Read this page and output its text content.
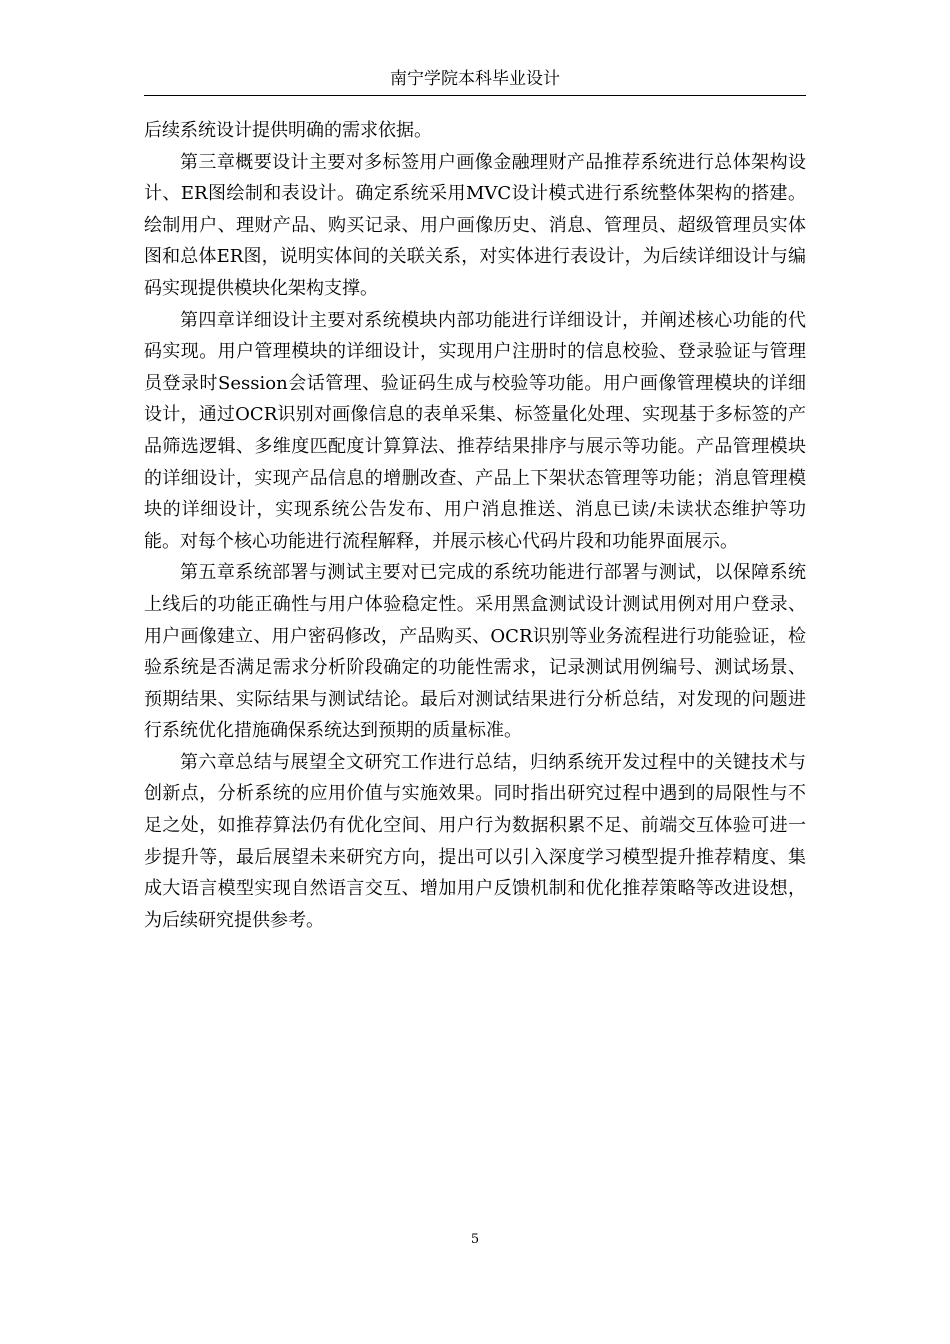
南宁学院本科毕业设计

后续系统设计提供明确的需求依据。

第三章概要设计主要对多标签用户画像金融理财产品推荐系统进行总体架构设计、ER图绘制和表设计。确定系统采用MVC设计模式进行系统整体架构的搭建。绘制用户、理财产品、购买记录、用户画像历史、消息、管理员、超级管理员实体图和总体ER图，说明实体间的关联关系，对实体进行表设计，为后续详细设计与编码实现提供模块化架构支撑。

第四章详细设计主要对系统模块内部功能进行详细设计，并阐述核心功能的代码实现。用户管理模块的详细设计，实现用户注册时的信息校验、登录验证与管理员登录时Session会话管理、验证码生成与校验等功能。用户画像管理模块的详细设计，通过OCR识别对画像信息的表单采集、标签量化处理、实现基于多标签的产品筛选逻辑、多维度匹配度计算算法、推荐结果排序与展示等功能。产品管理模块的详细设计，实现产品信息的增删改查、产品上下架状态管理等功能；消息管理模块的详细设计，实现系统公告发布、用户消息推送、消息已读/未读状态维护等功能。对每个核心功能进行流程解释，并展示核心代码片段和功能界面展示。

第五章系统部署与测试主要对已完成的系统功能进行部署与测试，以保障系统上线后的功能正确性与用户体验稳定性。采用黑盒测试设计测试用例对用户登录、用户画像建立、用户密码修改，产品购买、OCR识别等业务流程进行功能验证，检验系统是否满足需求分析阶段确定的功能性需求，记录测试用例编号、测试场景、预期结果、实际结果与测试结论。最后对测试结果进行分析总结，对发现的问题进行系统优化措施确保系统达到预期的质量标准。

第六章总结与展望全文研究工作进行总结，归纳系统开发过程中的关键技术与创新点，分析系统的应用价值与实施效果。同时指出研究过程中遇到的局限性与不足之处，如推荐算法仍有优化空间、用户行为数据积累不足、前端交互体验可进一步提升等，最后展望未来研究方向，提出可以引入深度学习模型提升推荐精度、集成大语言模型实现自然语言交互、增加用户反馈机制和优化推荐策略等改进设想，为后续研究提供参考。

5
